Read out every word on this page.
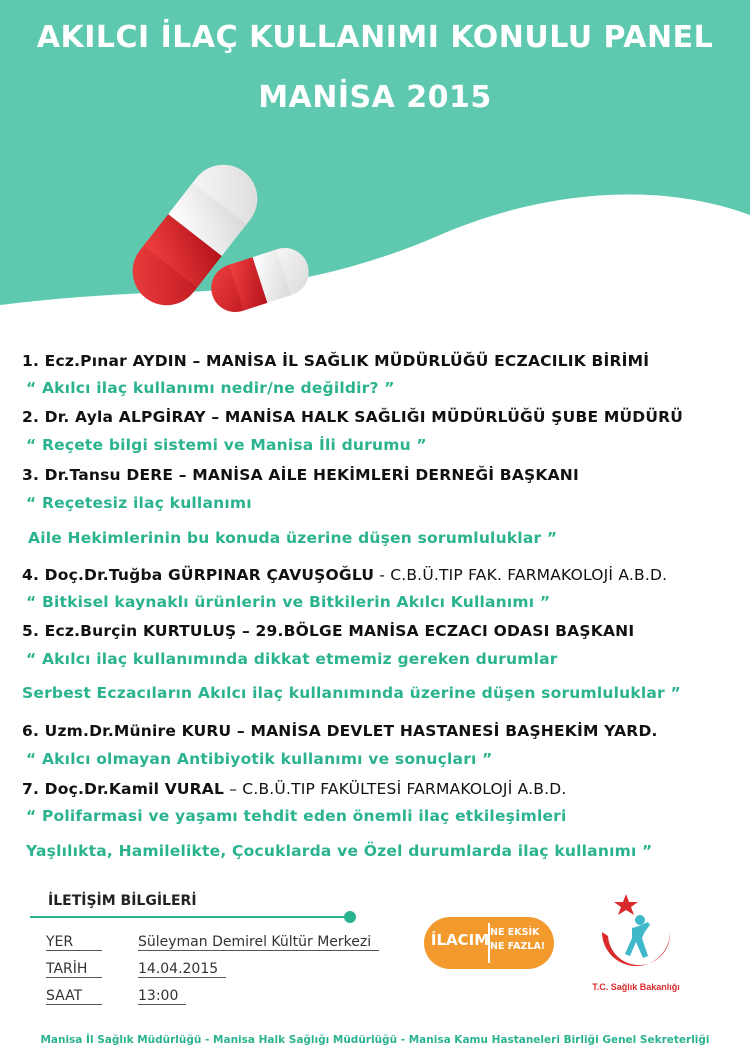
AKILCI İLAÇ KULLANIMI KONULU PANEL
MANİSA 2015
1. Ecz.Pınar AYDIN – MANİSA İL SAĞLIK MÜDÜRLÜĞÜ ECZACILIK BİRİMİ
“ Akılcı ilaç kullanımı nedir/ne değildir? ”
2. Dr. Ayla ALPGİRAY – MANİSA HALK SAĞLIĞI MÜDÜRLÜĞÜ ŞUBE MÜDÜRÜ
“ Reçete bilgi sistemi ve Manisa İli durumu ”
3. Dr.Tansu DERE – MANİSA AİLE HEKİMLERİ DERNEĞİ BAŞKANI
“ Reçetesiz ilaç kullanımı
Aile Hekimlerinin bu konuda üzerine düşen sorumluluklar ”
4. Doç.Dr.Tuğba GÜRPINAR ÇAVUŞOĞLU - C.B.Ü.TIP FAK. FARMAKOLOJİ A.B.D.
“ Bitkisel kaynaklı ürünlerin ve Bitkilerin Akılcı Kullanımı ”
5. Ecz.Burçin KURTULUŞ – 29.BÖLGE MANİSA ECZACI ODASI BAŞKANI
“ Akılcı ilaç kullanımında dikkat etmemiz gereken durumlar
Serbest Eczacıların Akılcı ilaç kullanımında üzerine düşen sorumluluklar ”
6. Uzm.Dr.Münire KURU – MANİSA DEVLET HASTANESİ BAŞHEKİM YARD.
“ Akılcı olmayan Antibiyotik kullanımı ve sonuçları ”
7. Doç.Dr.Kamil VURAL – C.B.Ü.TIP FAKÜLTESİ FARMAKOLOJİ A.B.D.
“ Polifarmasi ve yaşamı tehdit eden önemli ilaç etkileşimleri
Yaşlılıkta, Hamilelikte, Çocuklarda ve Özel durumlarda ilaç kullanımı ”
İLETİŞİM BİLGİLERİ
YER	Süleyman Demirel Kültür Merkezi
TARİH	14.04.2015
SAAT	13:00
İLACIM NE EKSİK
NE FAZLA!
T.C. Sağlık Bakanlığı
Manisa İl Sağlık Müdürlüğü - Manisa Halk Sağlığı Müdürlüğü - Manisa Kamu Hastaneleri Birliği Genel Sekreterliği
